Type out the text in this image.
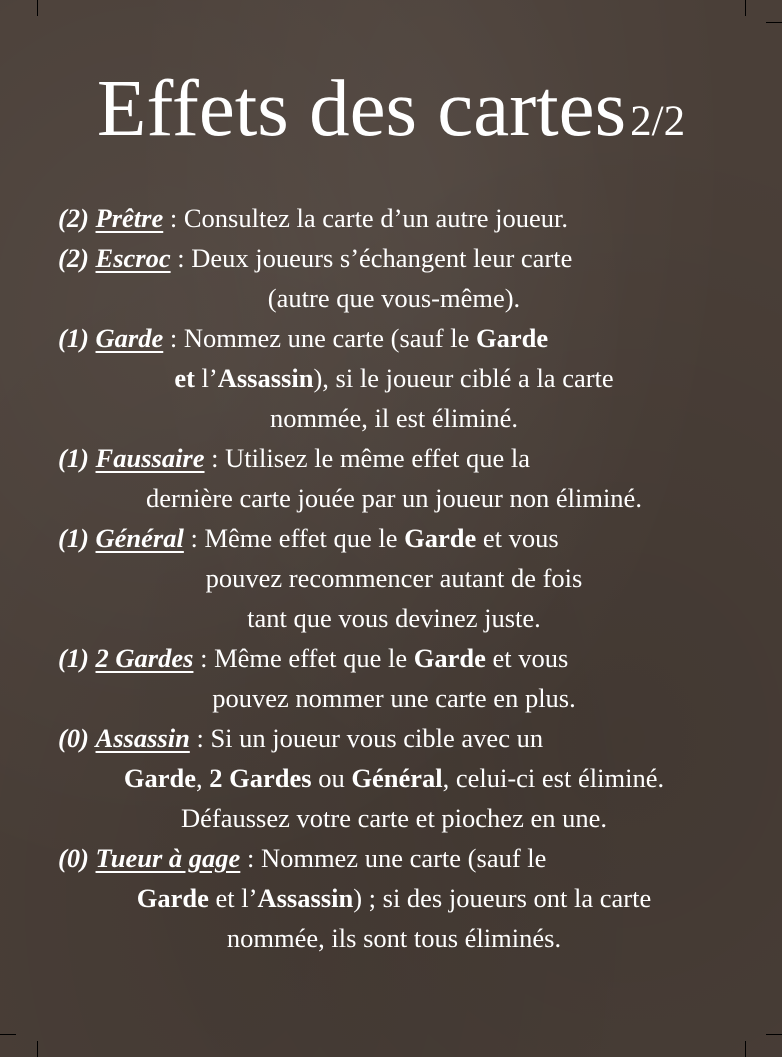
Effets des cartes 2/2
(2) Prêtre : Consultez la carte d’un autre joueur.
(2) Escroc : Deux joueurs s’échangent leur carte
(autre que vous-même).
(1) Garde : Nommez une carte (sauf le Garde
et l’Assassin), si le joueur ciblé a la carte
nommée, il est éliminé.
(1) Faussaire : Utilisez le même effet que la
dernière carte jouée par un joueur non éliminé.
(1) Général : Même effet que le Garde et vous
pouvez recommencer autant de fois
tant que vous devinez juste.
(1) 2 Gardes : Même effet que le Garde et vous
pouvez nommer une carte en plus.
(0) Assassin : Si un joueur vous cible avec un
Garde, 2 Gardes ou Général, celui-ci est éliminé.
Défaussez votre carte et piochez en une.
(0) Tueur à gage : Nommez une carte (sauf le
Garde et l’Assassin) ; si des joueurs ont la carte
nommée, ils sont tous éliminés.
